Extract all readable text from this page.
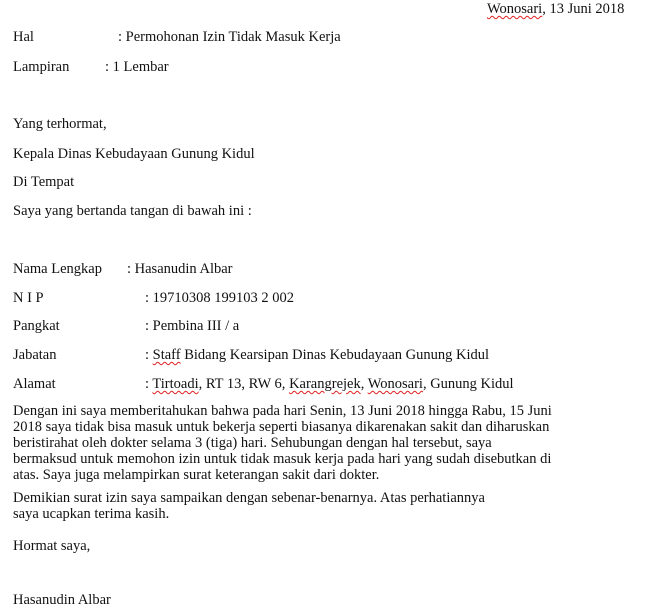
Wonosari, 13 Juni 2018
Hal	: Permohonan Izin Tidak Masuk Kerja
Lampiran : 1 Lembar
Yang terhormat,
Kepala Dinas Kebudayaan Gunung Kidul
Di Tempat
Saya yang bertanda tangan di bawah ini :
Nama Lengkap : Hasanudin Albar
N I P	: 19710308 199103 2 002
Pangkat	: Pembina III / a
Jabatan	: Staff Bidang Kearsipan Dinas Kebudayaan Gunung Kidul
Alamat	: Tirtoadi, RT 13, RW 6, Karangrejek, Wonosari, Gunung Kidul
Dengan ini saya memberitahukan bahwa pada hari Senin, 13 Juni 2018 hingga Rabu, 15 Juni
2018 saya tidak bisa masuk untuk bekerja seperti biasanya dikarenakan sakit dan diharuskan
beristirahat oleh dokter selama 3 (tiga) hari. Sehubungan dengan hal tersebut, saya
bermaksud untuk memohon izin untuk tidak masuk kerja pada hari yang sudah disebutkan di
atas. Saya juga melampirkan surat keterangan sakit dari dokter.
Demikian surat izin saya sampaikan dengan sebenar-benarnya. Atas perhatiannya
saya ucapkan terima kasih.
Hormat saya,
Hasanudin Albar
